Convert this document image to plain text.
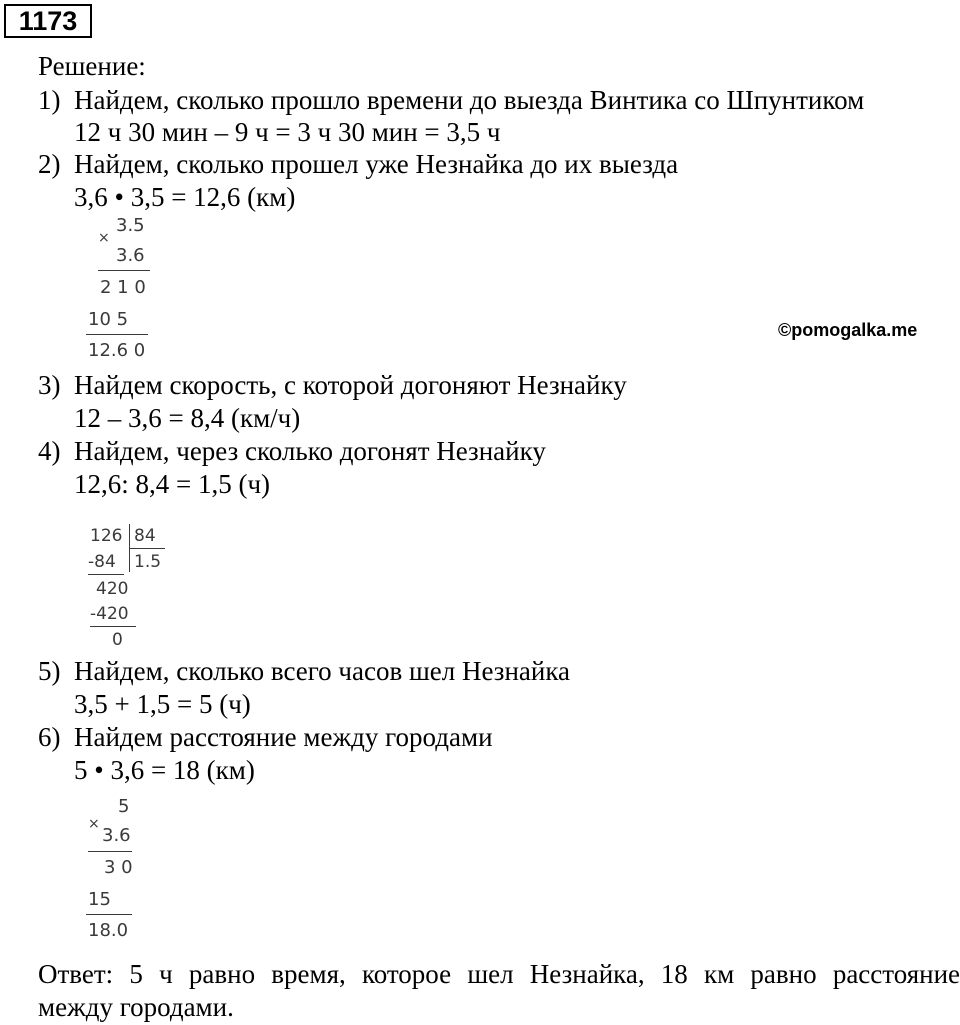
1173
Решение:
1) Найдем, сколько прошло времени до выезда Винтика со Шпунтиком
12 ч 30 мин – 9 ч = 3 ч 30 мин = 3,5 ч
2) Найдем, сколько прошел уже Незнайка до их выезда
3,6 • 3,5 = 12,6 (км)
×
3.5
3.6
2 1 0
10 5
12.6 0
©pomogalka.me
3) Найдем скорость, с которой догоняют Незнайку
12 – 3,6 = 8,4 (км/ч)
4) Найдем, через сколько догонят Незнайку
12,6: 8,4 = 1,5 (ч)
126 84
-84 1.5
420
-420
0
5) Найдем, сколько всего часов шел Незнайка
3,5 + 1,5 = 5 (ч)
6) Найдем расстояние между городами
5 • 3,6 = 18 (км)
×
5
3.6
3 0
15
18.0
Ответ: 5 ч равно время, которое шел Незнайка, 18 км равно расстояние
между городами.
